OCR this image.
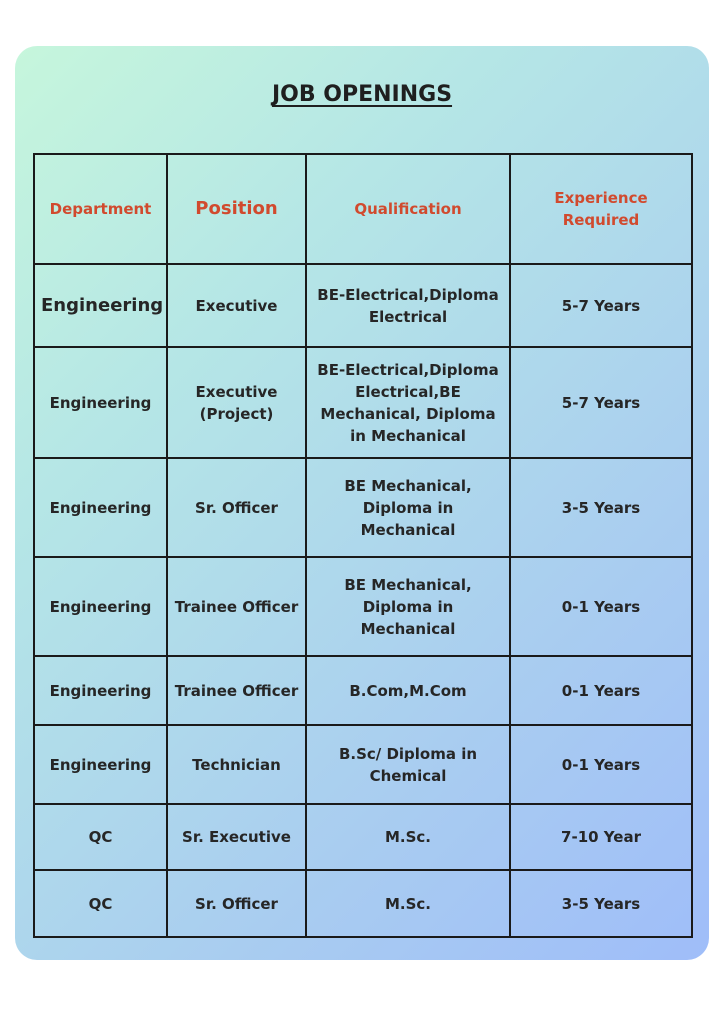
JOB OPENINGS
Department	Position	Qualification	Experience Required
Engineering	Executive	BE-Electrical,Diploma Electrical	5-7 Years
Engineering	Executive (Project)	BE-Electrical,Diploma Electrical,BE Mechanical, Diploma in Mechanical	5-7 Years
Engineering	Sr. Officer	BE Mechanical, Diploma in Mechanical	3-5 Years
Engineering	Trainee Officer	BE Mechanical, Diploma in Mechanical	0-1 Years
Engineering	Trainee Officer	B.Com,M.Com	0-1 Years
Engineering	Technician	B.Sc/ Diploma in Chemical	0-1 Years
QC	Sr. Executive	M.Sc.	7-10 Year
QC	Sr. Officer	M.Sc.	3-5 Years
